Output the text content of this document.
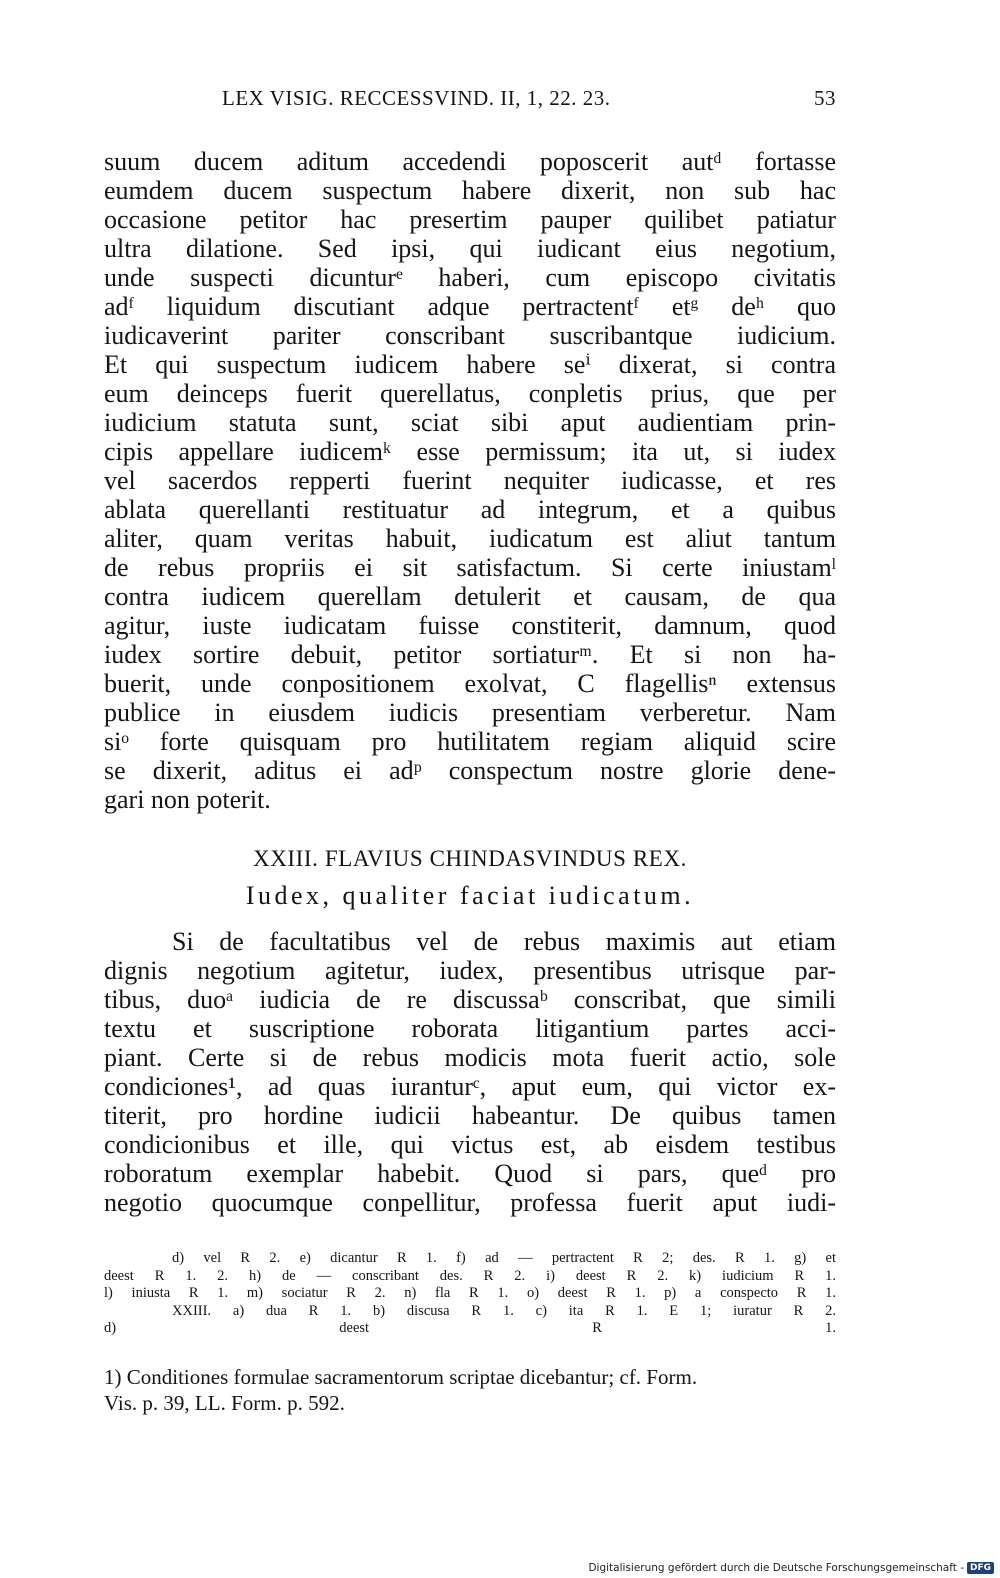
LEX VISIG. RECCESSVIND. II, 1, 22. 23.	53
suum ducem aditum accedendi poposcerit autᵈ fortasse
eumdem ducem suspectum habere dixerit, non sub hac
occasione petitor hac presertim pauper quilibet patiatur
ultra dilatione. Sed ipsi, qui iudicant eius negotium,
unde suspecti dicunturᵉ haberi, cum episcopo civitatis
adᶠ liquidum discutiant adque pertractentᶠ etᵍ deʰ quo
iudicaverint pariter conscribant suscribantque iudicium.
Et qui suspectum iudicem habere seⁱ dixerat, si contra
eum deinceps fuerit querellatus, conpletis prius, que per
iudicium statuta sunt, sciat sibi aput audientiam prin-
cipis appellare iudicemᵏ esse permissum; ita ut, si iudex
vel sacerdos repperti fuerint nequiter iudicasse, et res
ablata querellanti restituatur ad integrum, et a quibus
aliter, quam veritas habuit, iudicatum est aliut tantum
de rebus propriis ei sit satisfactum. Si certe iniustamˡ
contra iudicem querellam detulerit et causam, de qua
agitur, iuste iudicatam fuisse constiterit, damnum, quod
iudex sortire debuit, petitor sortiaturᵐ. Et si non ha-
buerit, unde conpositionem exolvat, C flagellisⁿ extensus
publice in eiusdem iudicis presentiam verberetur. Nam
siᵒ forte quisquam pro hutilitatem regiam aliquid scire
se dixerit, aditus ei adᵖ conspectum nostre glorie dene-
gari non poterit.
XXIII. FLAVIUS CHINDASVINDUS REX.
Iudex, qualiter faciat iudicatum.
Si de facultatibus vel de rebus maximis aut etiam
dignis negotium agitetur, iudex, presentibus utrisque par-
tibus, duoᵃ iudicia de re discussaᵇ conscribat, que simili
textu et suscriptione roborata litigantium partes acci-
piant. Certe si de rebus modicis mota fuerit actio, sole
condiciones¹, ad quas iuranturᶜ, aput eum, qui victor ex-
titerit, pro hordine iudicii habeantur. De quibus tamen
condicionibus et ille, qui victus est, ab eisdem testibus
roboratum exemplar habebit. Quod si pars, queᵈ pro
negotio quocumque conpellitur, professa fuerit aput iudi-
d) vel R 2. e) dicantur R 1. f) ad — pertractent R 2; des. R 1. g) et
deest R 1. 2. h) de — conscribant des. R 2. i) deest R 2. k) iudicium R 1.
l) iniusta R 1. m) sociatur R 2. n) fla R 1. o) deest R 1. p) a conspecto R 1.
XXIII. a) dua R 1. b) discusa R 1. c) ita R 1. E 1; iuratur R 2.
d) deest R 1.
1) Conditiones formulae sacramentorum scriptae dicebantur; cf. Form.
Vis. p. 39, LL. Form. p. 592.
Digitalisierung gefördert durch die Deutsche Forschungsgemeinschaft - DFG
